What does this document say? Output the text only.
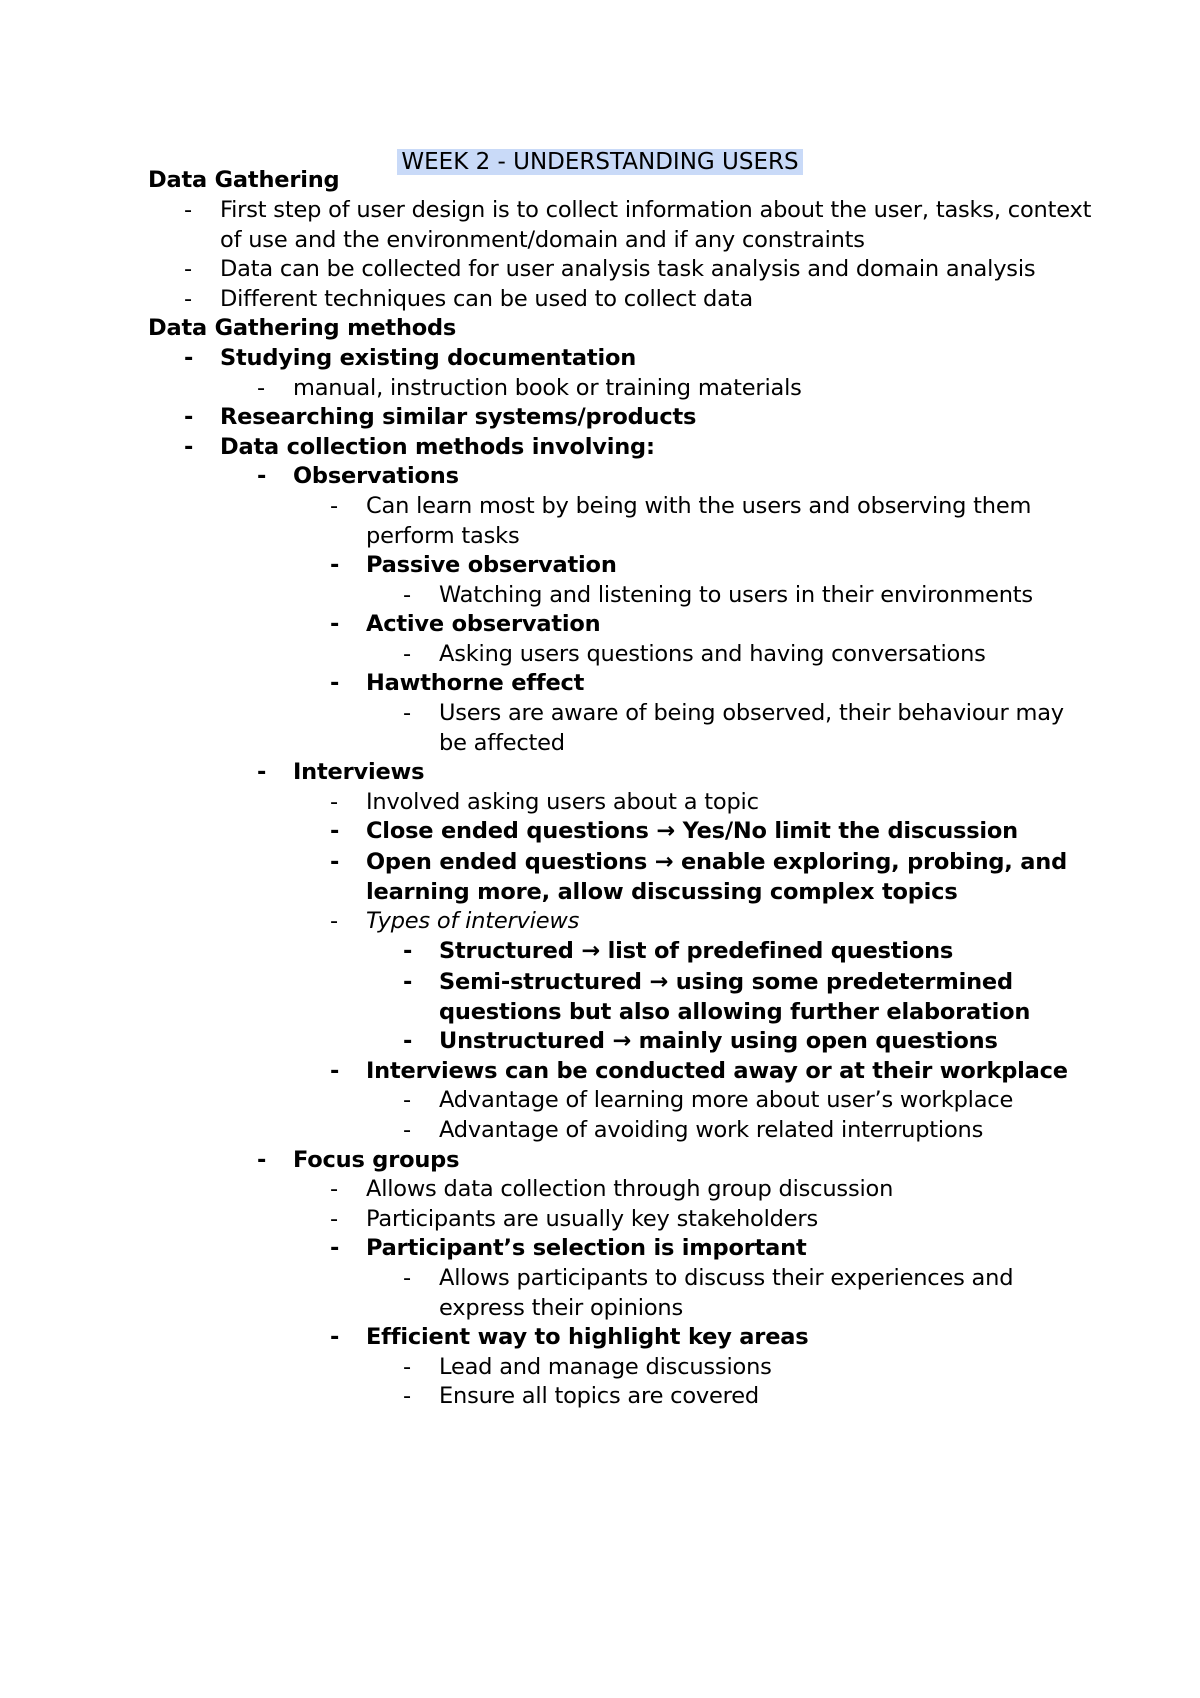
WEEK 2 - UNDERSTANDING USERS
Data Gathering
-	First step of user design is to collect information about the user, tasks, context
of use and the environment/domain and if any constraints
-	Data can be collected for user analysis task analysis and domain analysis
-	Different techniques can be used to collect data
Data Gathering methods
-	Studying existing documentation
-	manual, instruction book or training materials
-	Researching similar systems/products
-	Data collection methods involving:
-	Observations
-	Can learn most by being with the users and observing them
perform tasks
-	Passive observation
-	Watching and listening to users in their environments
-	Active observation
-	Asking users questions and having conversations
-	Hawthorne effect
-	Users are aware of being observed, their behaviour may
be affected
-	Interviews
-	Involved asking users about a topic
-	Close ended questions → Yes/No limit the discussion
-	Open ended questions → enable exploring, probing, and
learning more, allow discussing complex topics
-	Types of interviews
-	Structured → list of predefined questions
-	Semi-structured → using some predetermined
questions but also allowing further elaboration
-	Unstructured → mainly using open questions
-	Interviews can be conducted away or at their workplace
-	Advantage of learning more about user’s workplace
-	Advantage of avoiding work related interruptions
-	Focus groups
-	Allows data collection through group discussion
-	Participants are usually key stakeholders
-	Participant’s selection is important
-	Allows participants to discuss their experiences and
express their opinions
-	Efficient way to highlight key areas
-	Lead and manage discussions
-	Ensure all topics are covered
